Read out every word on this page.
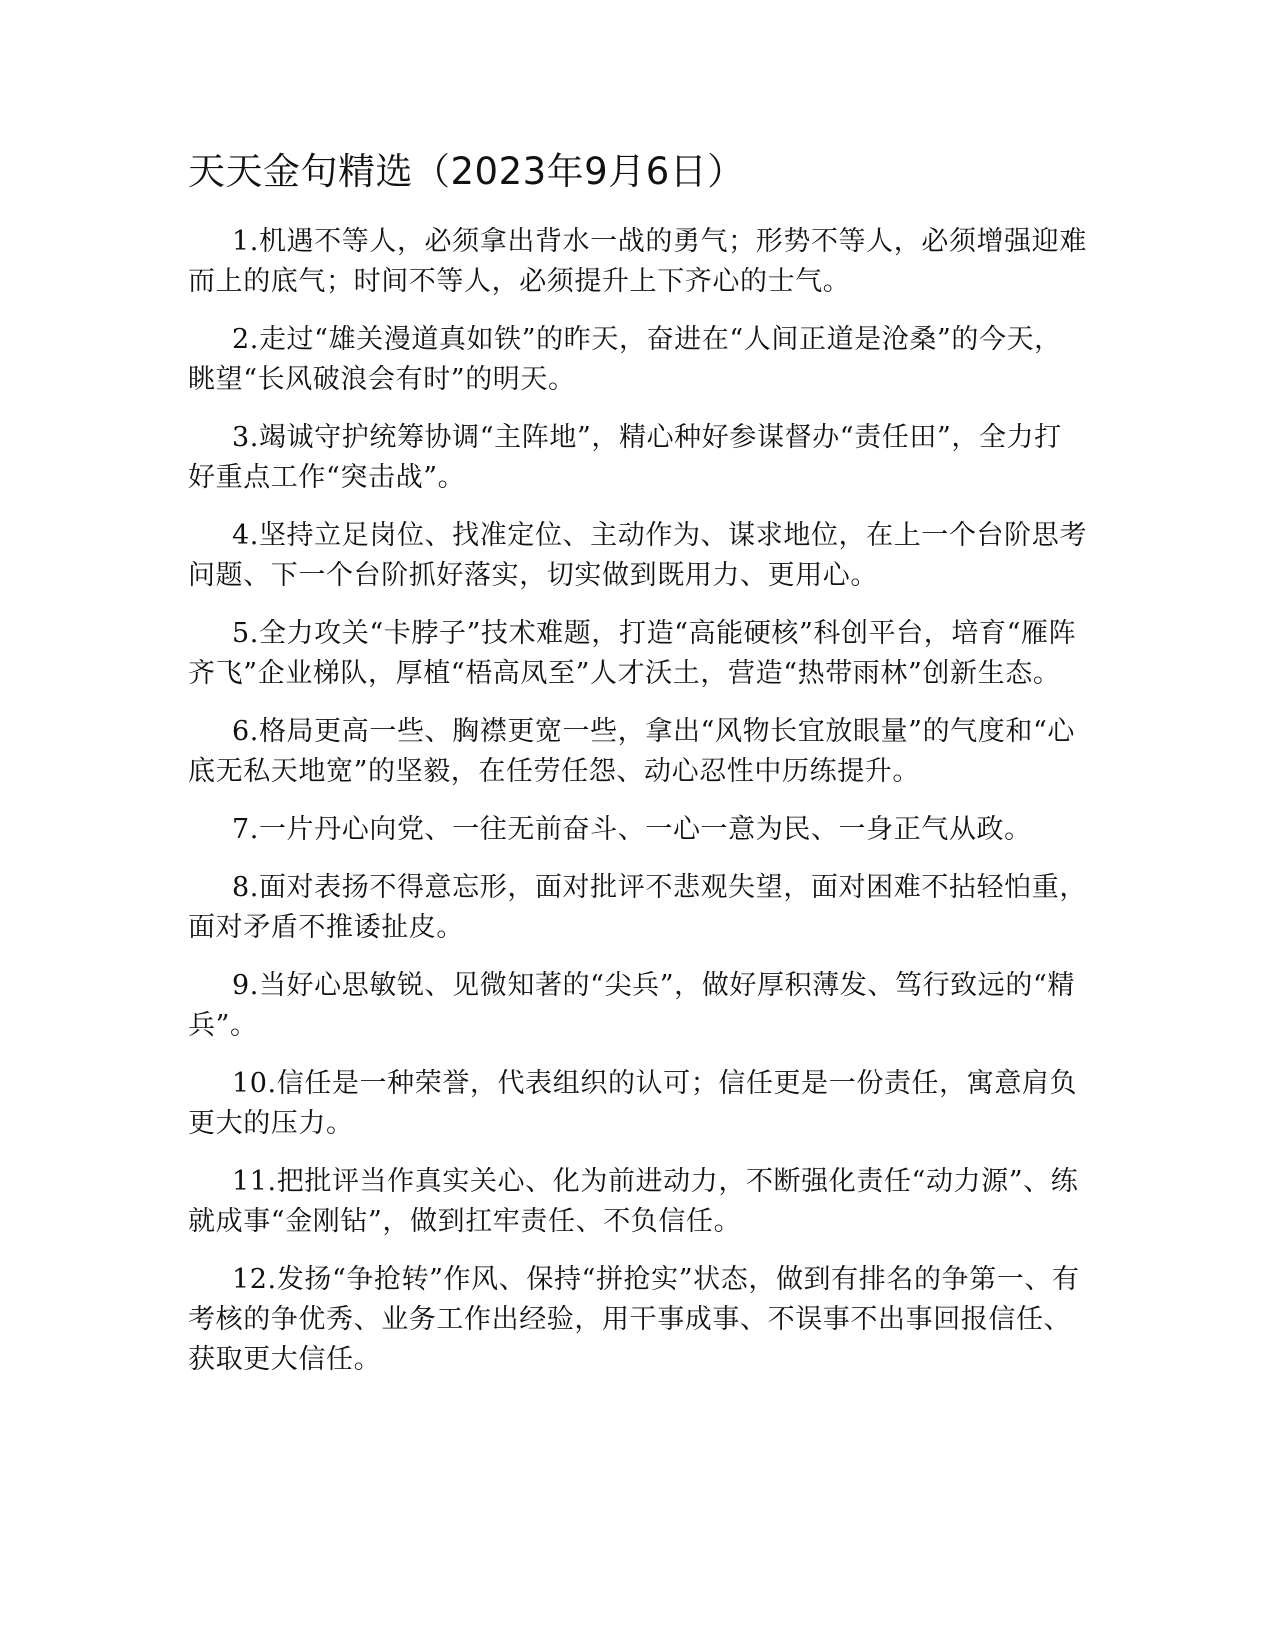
天天金句精选（2023年9月6日）

1.机遇不等人，必须拿出背水一战的勇气；形势不等人，必须增强迎难而上的底气；时间不等人，必须提升上下齐心的士气。

2.走过“雄关漫道真如铁”的昨天，奋进在“人间正道是沧桑”的今天，眺望“长风破浪会有时”的明天。

3.竭诚守护统筹协调“主阵地”，精心种好参谋督办“责任田”，全力打好重点工作“突击战”。

4.坚持立足岗位、找准定位、主动作为、谋求地位，在上一个台阶思考问题、下一个台阶抓好落实，切实做到既用力、更用心。

5.全力攻关“卡脖子”技术难题，打造“高能硬核”科创平台，培育“雁阵齐飞”企业梯队，厚植“梧高凤至”人才沃土，营造“热带雨林”创新生态。

6.格局更高一些、胸襟更宽一些，拿出“风物长宜放眼量”的气度和“心底无私天地宽”的坚毅，在任劳任怨、动心忍性中历练提升。

7.一片丹心向党、一往无前奋斗、一心一意为民、一身正气从政。

8.面对表扬不得意忘形，面对批评不悲观失望，面对困难不拈轻怕重，面对矛盾不推诿扯皮。

9.当好心思敏锐、见微知著的“尖兵”，做好厚积薄发、笃行致远的“精兵”。

10.信任是一种荣誉，代表组织的认可；信任更是一份责任，寓意肩负更大的压力。

11.把批评当作真实关心、化为前进动力，不断强化责任“动力源”、练就成事“金刚钻”，做到扛牢责任、不负信任。

12.发扬“争抢转”作风、保持“拼抢实”状态，做到有排名的争第一、有考核的争优秀、业务工作出经验，用干事成事、不误事不出事回报信任、获取更大信任。
